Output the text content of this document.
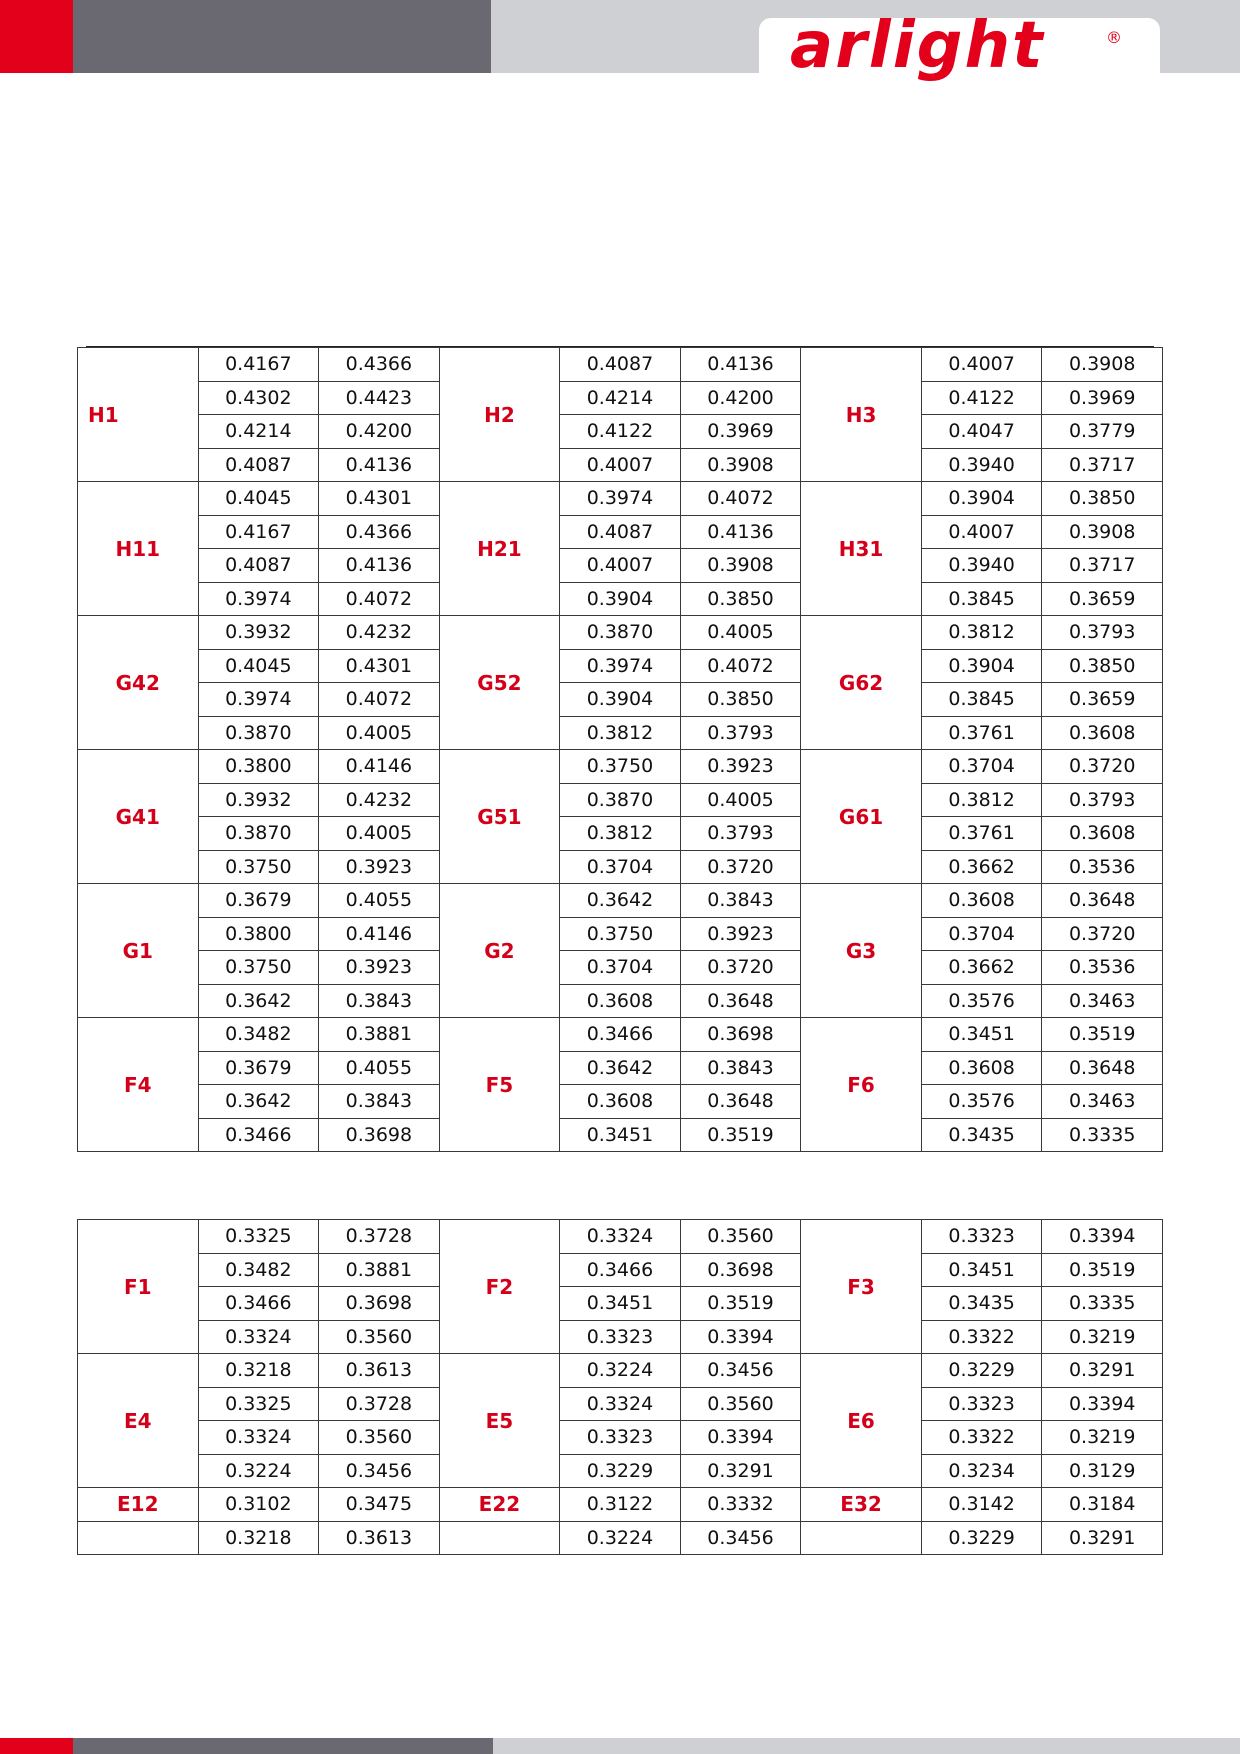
arlight	®
H1	0.4167	0.4366	H2	0.4087	0.4136	H3	0.4007	0.3908
	0.4302	0.4423		0.4214	0.4200		0.4122	0.3969
	0.4214	0.4200		0.4122	0.3969		0.4047	0.3779
	0.4087	0.4136		0.4007	0.3908		0.3940	0.3717
H11	0.4045	0.4301	H21	0.3974	0.4072	H31	0.3904	0.3850
	0.4167	0.4366		0.4087	0.4136		0.4007	0.3908
	0.4087	0.4136		0.4007	0.3908		0.3940	0.3717
	0.3974	0.4072		0.3904	0.3850		0.3845	0.3659
G42	0.3932	0.4232	G52	0.3870	0.4005	G62	0.3812	0.3793
	0.4045	0.4301		0.3974	0.4072		0.3904	0.3850
	0.3974	0.4072		0.3904	0.3850		0.3845	0.3659
	0.3870	0.4005		0.3812	0.3793		0.3761	0.3608
G41	0.3800	0.4146	G51	0.3750	0.3923	G61	0.3704	0.3720
	0.3932	0.4232		0.3870	0.4005		0.3812	0.3793
	0.3870	0.4005		0.3812	0.3793		0.3761	0.3608
	0.3750	0.3923		0.3704	0.3720		0.3662	0.3536
G1	0.3679	0.4055	G2	0.3642	0.3843	G3	0.3608	0.3648
	0.3800	0.4146		0.3750	0.3923		0.3704	0.3720
	0.3750	0.3923		0.3704	0.3720		0.3662	0.3536
	0.3642	0.3843		0.3608	0.3648		0.3576	0.3463
F4	0.3482	0.3881	F5	0.3466	0.3698	F6	0.3451	0.3519
	0.3679	0.4055		0.3642	0.3843		0.3608	0.3648
	0.3642	0.3843		0.3608	0.3648		0.3576	0.3463
	0.3466	0.3698		0.3451	0.3519		0.3435	0.3335
F1	0.3325	0.3728	F2	0.3324	0.3560	F3	0.3323	0.3394
	0.3482	0.3881		0.3466	0.3698		0.3451	0.3519
	0.3466	0.3698		0.3451	0.3519		0.3435	0.3335
	0.3324	0.3560		0.3323	0.3394		0.3322	0.3219
E4	0.3218	0.3613	E5	0.3224	0.3456	E6	0.3229	0.3291
	0.3325	0.3728		0.3324	0.3560		0.3323	0.3394
	0.3324	0.3560		0.3323	0.3394		0.3322	0.3219
	0.3224	0.3456		0.3229	0.3291		0.3234	0.3129
E12	0.3102	0.3475	E22	0.3122	0.3332	E32	0.3142	0.3184
	0.3218	0.3613		0.3224	0.3456		0.3229	0.3291
